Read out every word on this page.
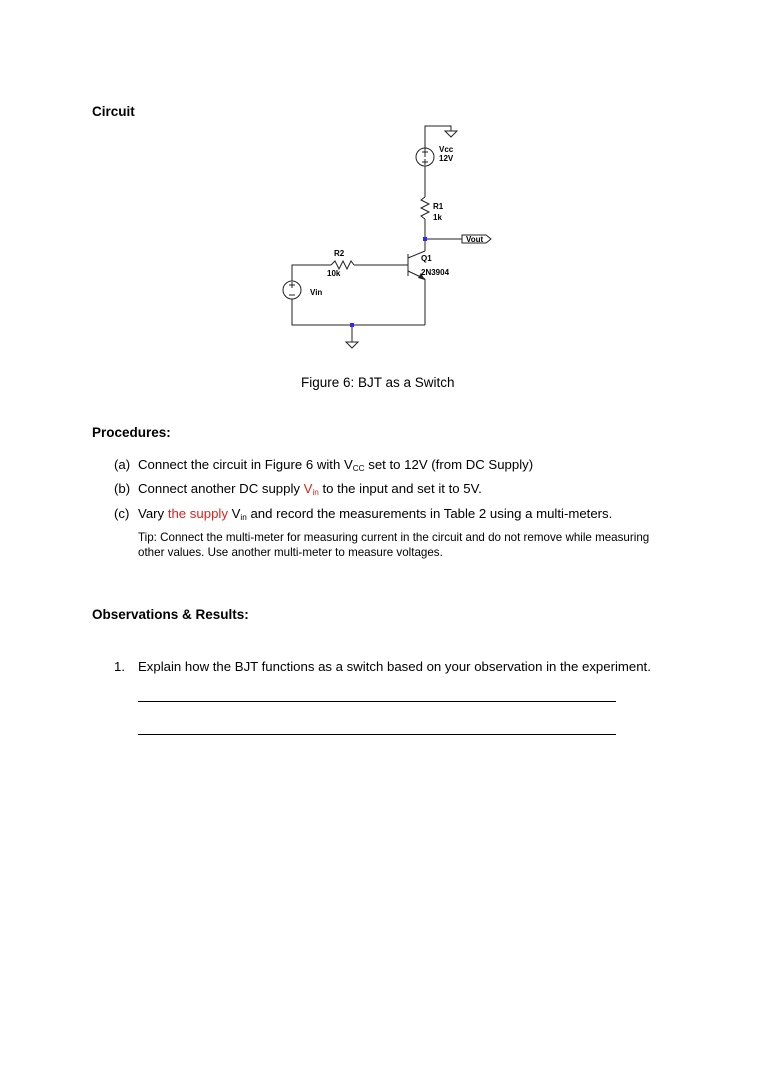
Circuit
Vcc
12V
R1
1k
Vout
R2
10k
Q1
2N3904
Vin
Figure 6: BJT as a Switch
Procedures:
(a) Connect the circuit in Figure 6 with $V_{CC}$ set to 12V (from DC Supply)
(b) Connect another DC supply $V_{in}$ to the input and set it to 5V.
(c) Vary the supply $V_{in}$ and record the measurements in Table 2 using a multi-meters.
Tip: Connect the multi-meter for measuring current in the circuit and do not remove while measuring other values. Use another multi-meter to measure voltages.
Observations & Results:
1. Explain how the BJT functions as a switch based on your observation in the experiment.
